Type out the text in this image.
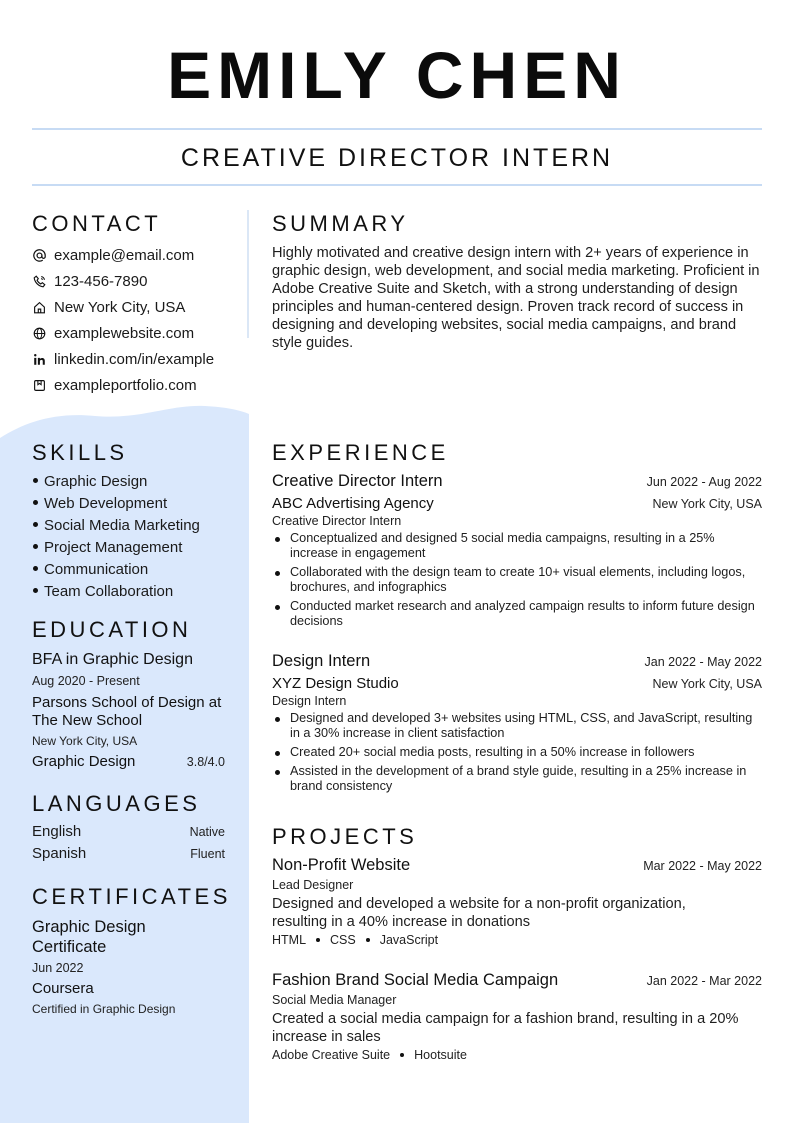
EMILY CHEN
CREATIVE DIRECTOR INTERN
CONTACT
example@email.com
123-456-7890
New York City, USA
examplewebsite.com
linkedin.com/in/example
exampleportfolio.com
SKILLS
Graphic Design
Web Development
Social Media Marketing
Project Management
Communication
Team Collaboration
EDUCATION
BFA in Graphic Design
Aug 2020 - Present
Parsons School of Design at The New School
New York City, USA
Graphic Design	3.8/4.0
LANGUAGES
English	Native
Spanish	Fluent
CERTIFICATES
Graphic Design Certificate
Jun 2022
Coursera
Certified in Graphic Design
SUMMARY
Highly motivated and creative design intern with 2+ years of experience in graphic design, web development, and social media marketing. Proficient in Adobe Creative Suite and Sketch, with a strong understanding of design principles and human-centered design. Proven track record of success in designing and developing websites, social media campaigns, and brand style guides.
EXPERIENCE
Creative Director Intern	Jun 2022 - Aug 2022
ABC Advertising Agency	New York City, USA
Creative Director Intern
Conceptualized and designed 5 social media campaigns, resulting in a 25% increase in engagement
Collaborated with the design team to create 10+ visual elements, including logos, brochures, and infographics
Conducted market research and analyzed campaign results to inform future design decisions
Design Intern	Jan 2022 - May 2022
XYZ Design Studio	New York City, USA
Design Intern
Designed and developed 3+ websites using HTML, CSS, and JavaScript, resulting in a 30% increase in client satisfaction
Created 20+ social media posts, resulting in a 50% increase in followers
Assisted in the development of a brand style guide, resulting in a 25% increase in brand consistency
PROJECTS
Non-Profit Website	Mar 2022 - May 2022
Lead Designer
Designed and developed a website for a non-profit organization, resulting in a 40% increase in donations
HTML CSS JavaScript
Fashion Brand Social Media Campaign	Jan 2022 - Mar 2022
Social Media Manager
Created a social media campaign for a fashion brand, resulting in a 20% increase in sales
Adobe Creative Suite Hootsuite
